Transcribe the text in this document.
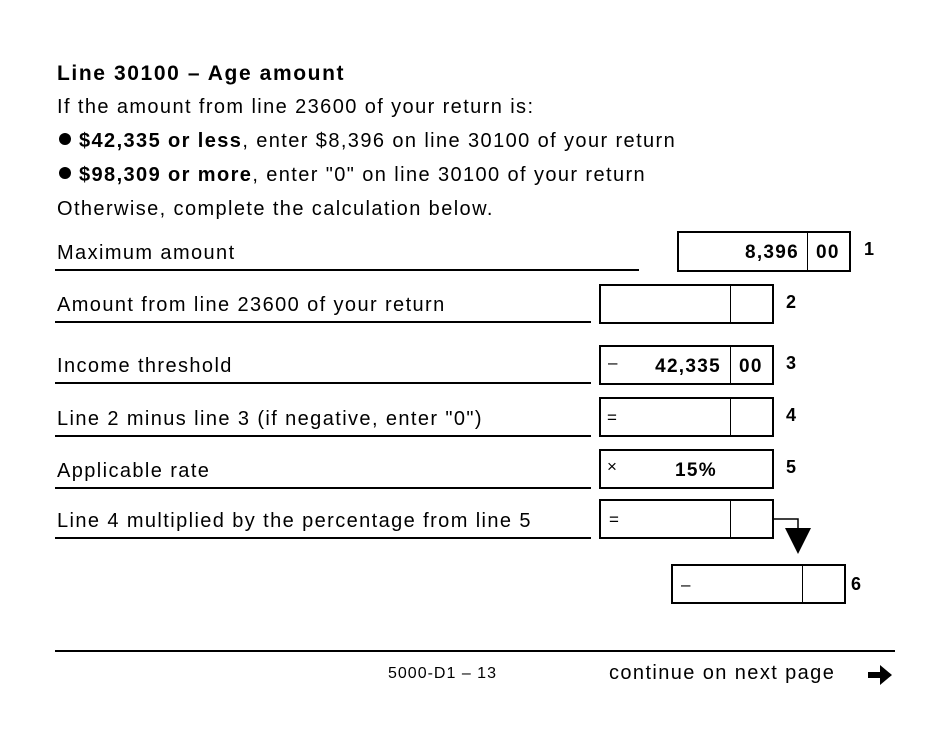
Line 30100 – Age amount
If the amount from line 23600 of your return is:
$42,335 or less, enter $8,396 on line 30100 of your return
$98,309 or more, enter "0" on line 30100 of your return
Otherwise, complete the calculation below.
Maximum amount	8,396 00 1
Amount from line 23600 of your return	2
Income threshold	– 42,335 00 3
Line 2 minus line 3 (if negative, enter "0")	=	4
Applicable rate	×	15%	5
Line 4 multiplied by the percentage from line 5	=
–	6
5000-D1 – 13	continue on next page
